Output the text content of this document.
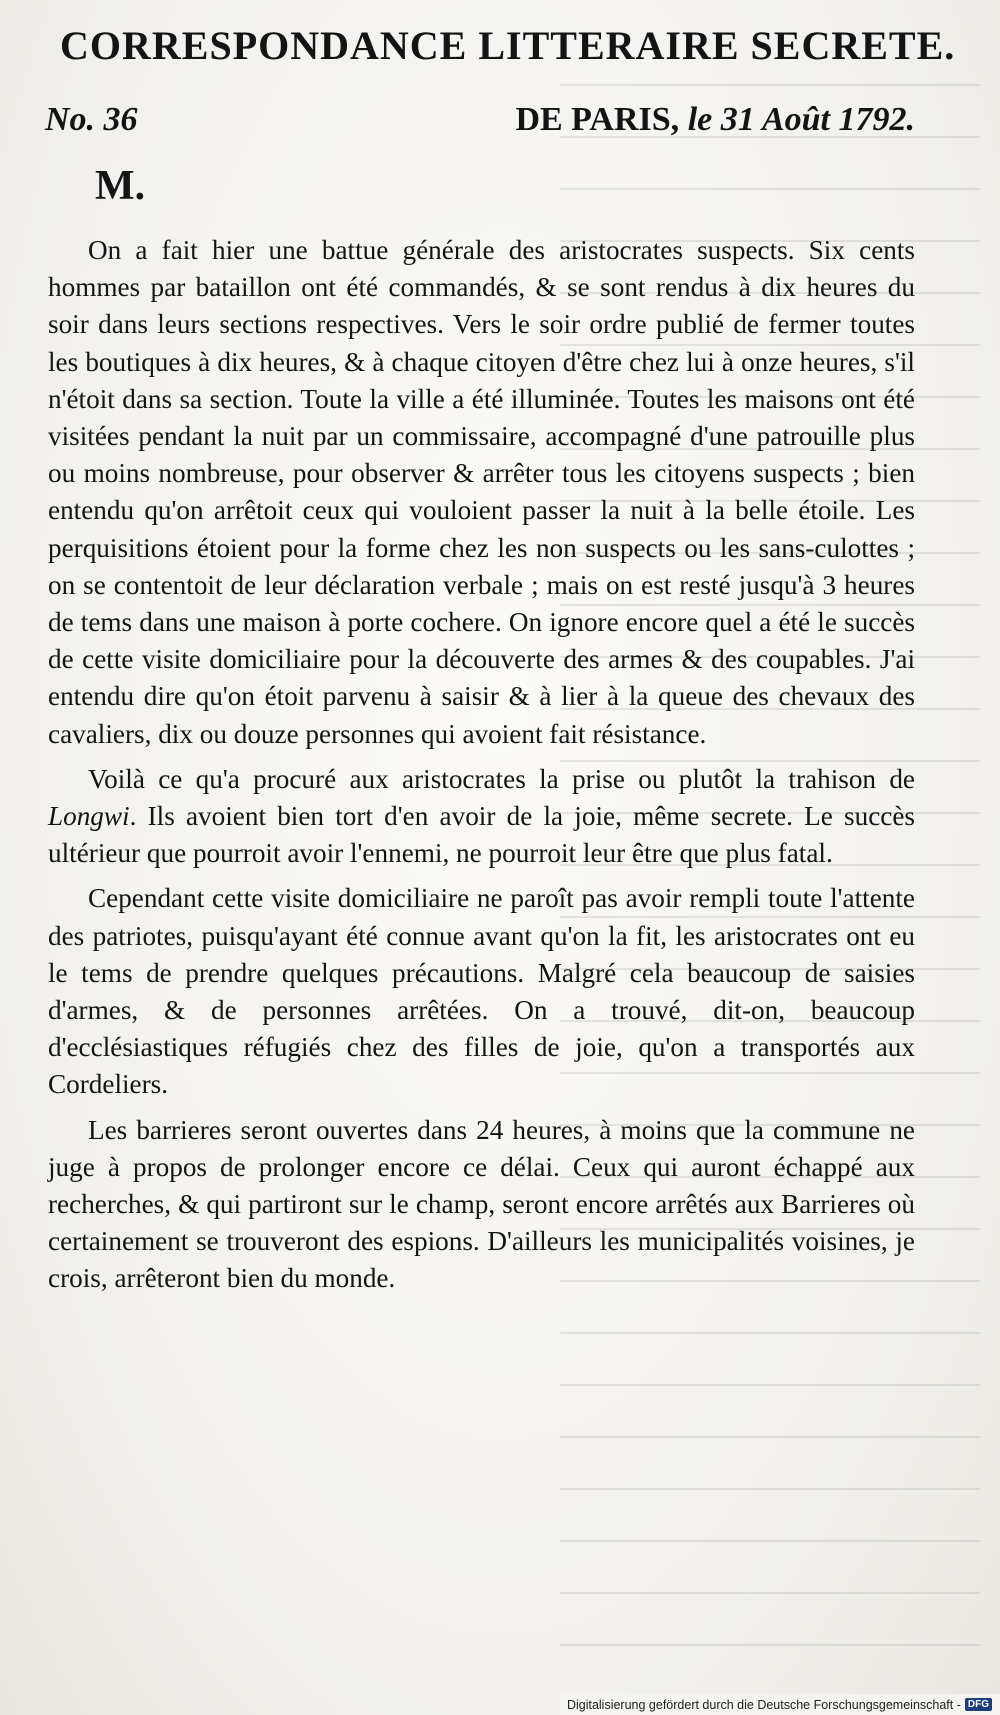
CORRESPONDANCE LITTERAIRE SECRETE.
No. 36	DE PARIS, le 31 Août 1792.
M.

On a fait hier une battue générale des aristocrates suspects. Six cents hommes par bataillon ont été commandés, & se sont rendus à dix heures du soir dans leurs sections respectives. Vers le soir ordre publié de fermer toutes les boutiques à dix heures, & à chaque citoyen d'être chez lui à onze heures, s'il n'étoit dans sa section. Toute la ville a été illuminée. Toutes les maisons ont été visitées pendant la nuit par un commissaire, accompagné d'une patrouille plus ou moins nombreuse, pour observer & arrêter tous les citoyens suspects ; bien entendu qu'on arrêtoit ceux qui vouloient passer la nuit à la belle étoile. Les perquisitions étoient pour la forme chez les non suspects ou les sans-culottes ; on se contentoit de leur déclaration verbale ; mais on est resté jusqu'à 3 heures de tems dans une maison à porte cochere. On ignore encore quel a été le succès de cette visite domiciliaire pour la découverte des armes & des coupables. J'ai entendu dire qu'on étoit parvenu à saisir & à lier à la queue des chevaux des cavaliers, dix ou douze personnes qui avoient fait résistance.

Voilà ce qu'a procuré aux aristocrates la prise ou plutôt la trahison de Longwi. Ils avoient bien tort d'en avoir de la joie, même secrete. Le succès ultérieur que pourroit avoir l'ennemi, ne pourroit leur être que plus fatal.

Cependant cette visite domiciliaire ne paroît pas avoir rempli toute l'attente des patriotes, puisqu'ayant été connue avant qu'on la fit, les aristocrates ont eu le tems de prendre quelques précautions. Malgré cela beaucoup de saisies d'armes, & de personnes arrêtées. On a trouvé, dit-on, beaucoup d'ecclésiastiques réfugiés chez des filles de joie, qu'on a transportés aux Cordeliers.

Les barrieres seront ouvertes dans 24 heures, à moins que la commune ne juge à propos de prolonger encore ce délai. Ceux qui auront échappé aux recherches, & qui partiront sur le champ, seront encore arrêtés aux Barrieres où certainement se trouveront des espions. D'ailleurs les municipalités voisines, je crois, arrêteront bien du monde.

Digitalisierung gefördert durch die Deutsche Forschungsgemeinschaft - DFG
